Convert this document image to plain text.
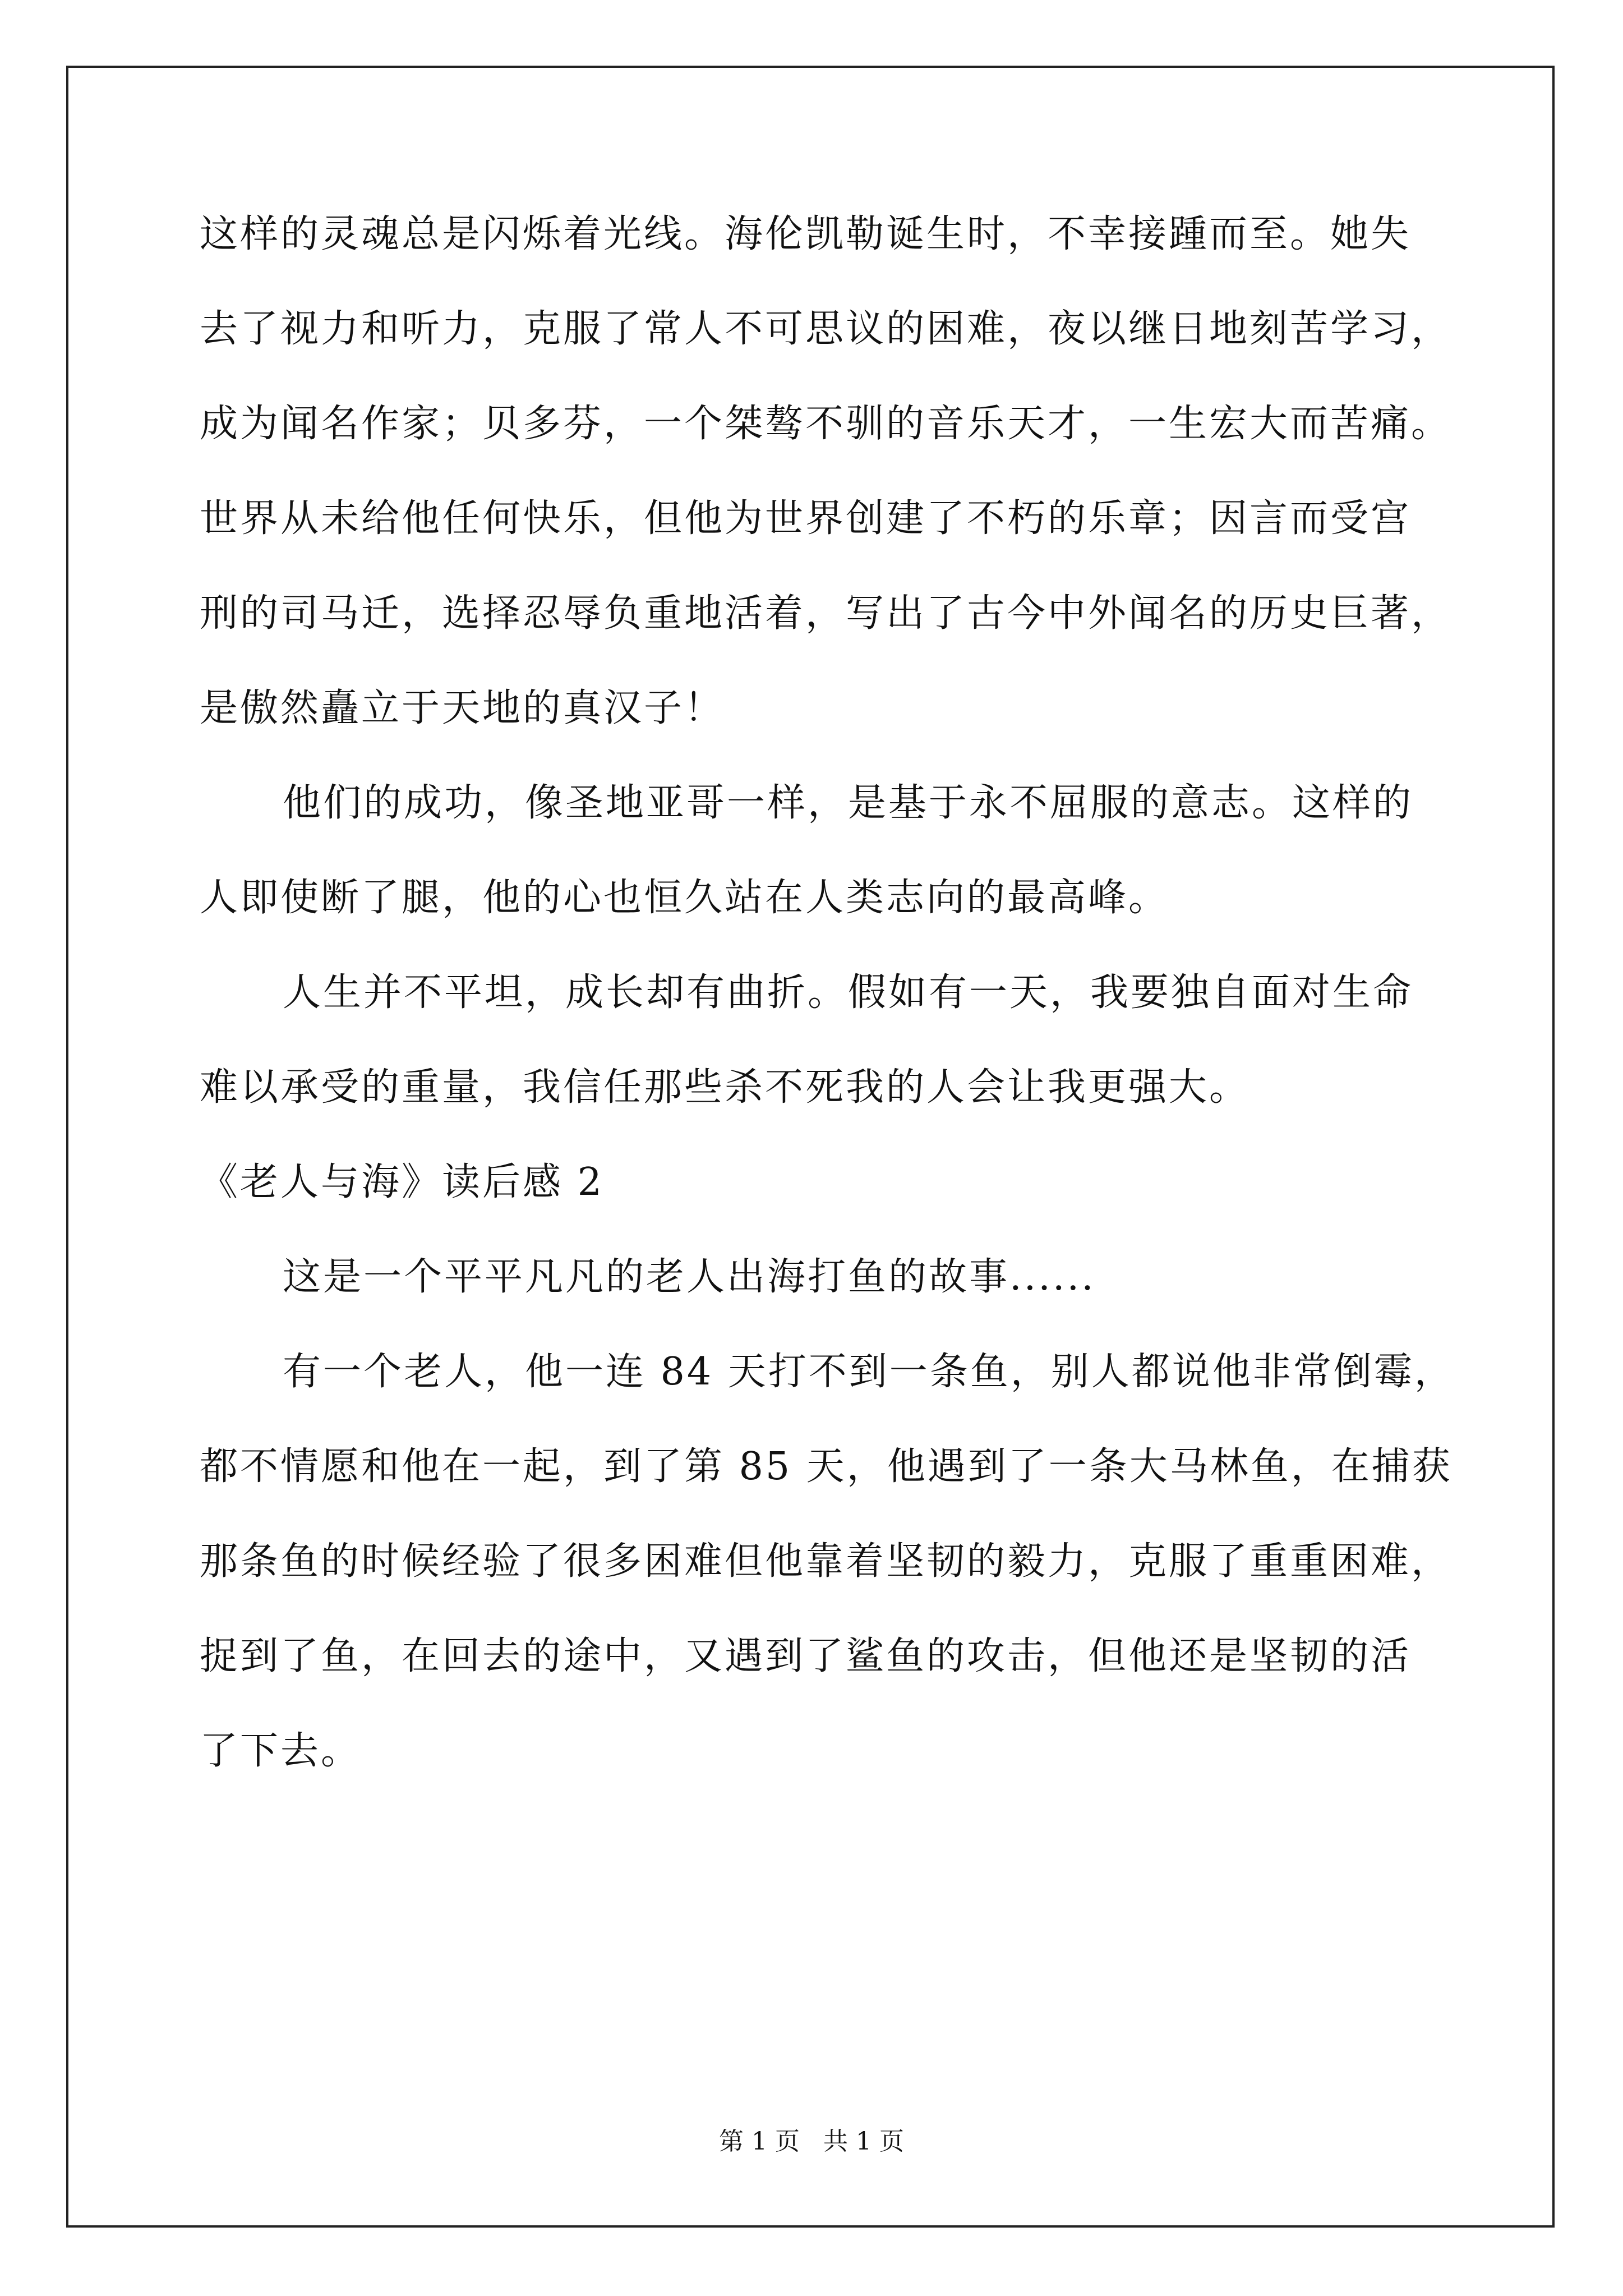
这样的灵魂总是闪烁着光线。海伦凯勒诞生时，不幸接踵而至。她失
去了视力和听力，克服了常人不可思议的困难，夜以继日地刻苦学习，
成为闻名作家；贝多芬，一个桀骜不驯的音乐天才，一生宏大而苦痛。
世界从未给他任何快乐，但他为世界创建了不朽的乐章；因言而受宫
刑的司马迁，选择忍辱负重地活着，写出了古今中外闻名的历史巨著，
是傲然矗立于天地的真汉子！
他们的成功，像圣地亚哥一样，是基于永不屈服的意志。这样的
人即使断了腿，他的心也恒久站在人类志向的最高峰。
人生并不平坦，成长却有曲折。假如有一天，我要独自面对生命
难以承受的重量，我信任那些杀不死我的人会让我更强大。
《老人与海》读后感 2
这是一个平平凡凡的老人出海打鱼的故事......
有一个老人，他一连 84 天打不到一条鱼，别人都说他非常倒霉，
都不情愿和他在一起，到了第 85 天，他遇到了一条大马林鱼，在捕获
那条鱼的时候经验了很多困难但他靠着坚韧的毅力，克服了重重困难，
捉到了鱼，在回去的途中，又遇到了鲨鱼的攻击，但他还是坚韧的活
了下去。
第 1 页   共 1 页
